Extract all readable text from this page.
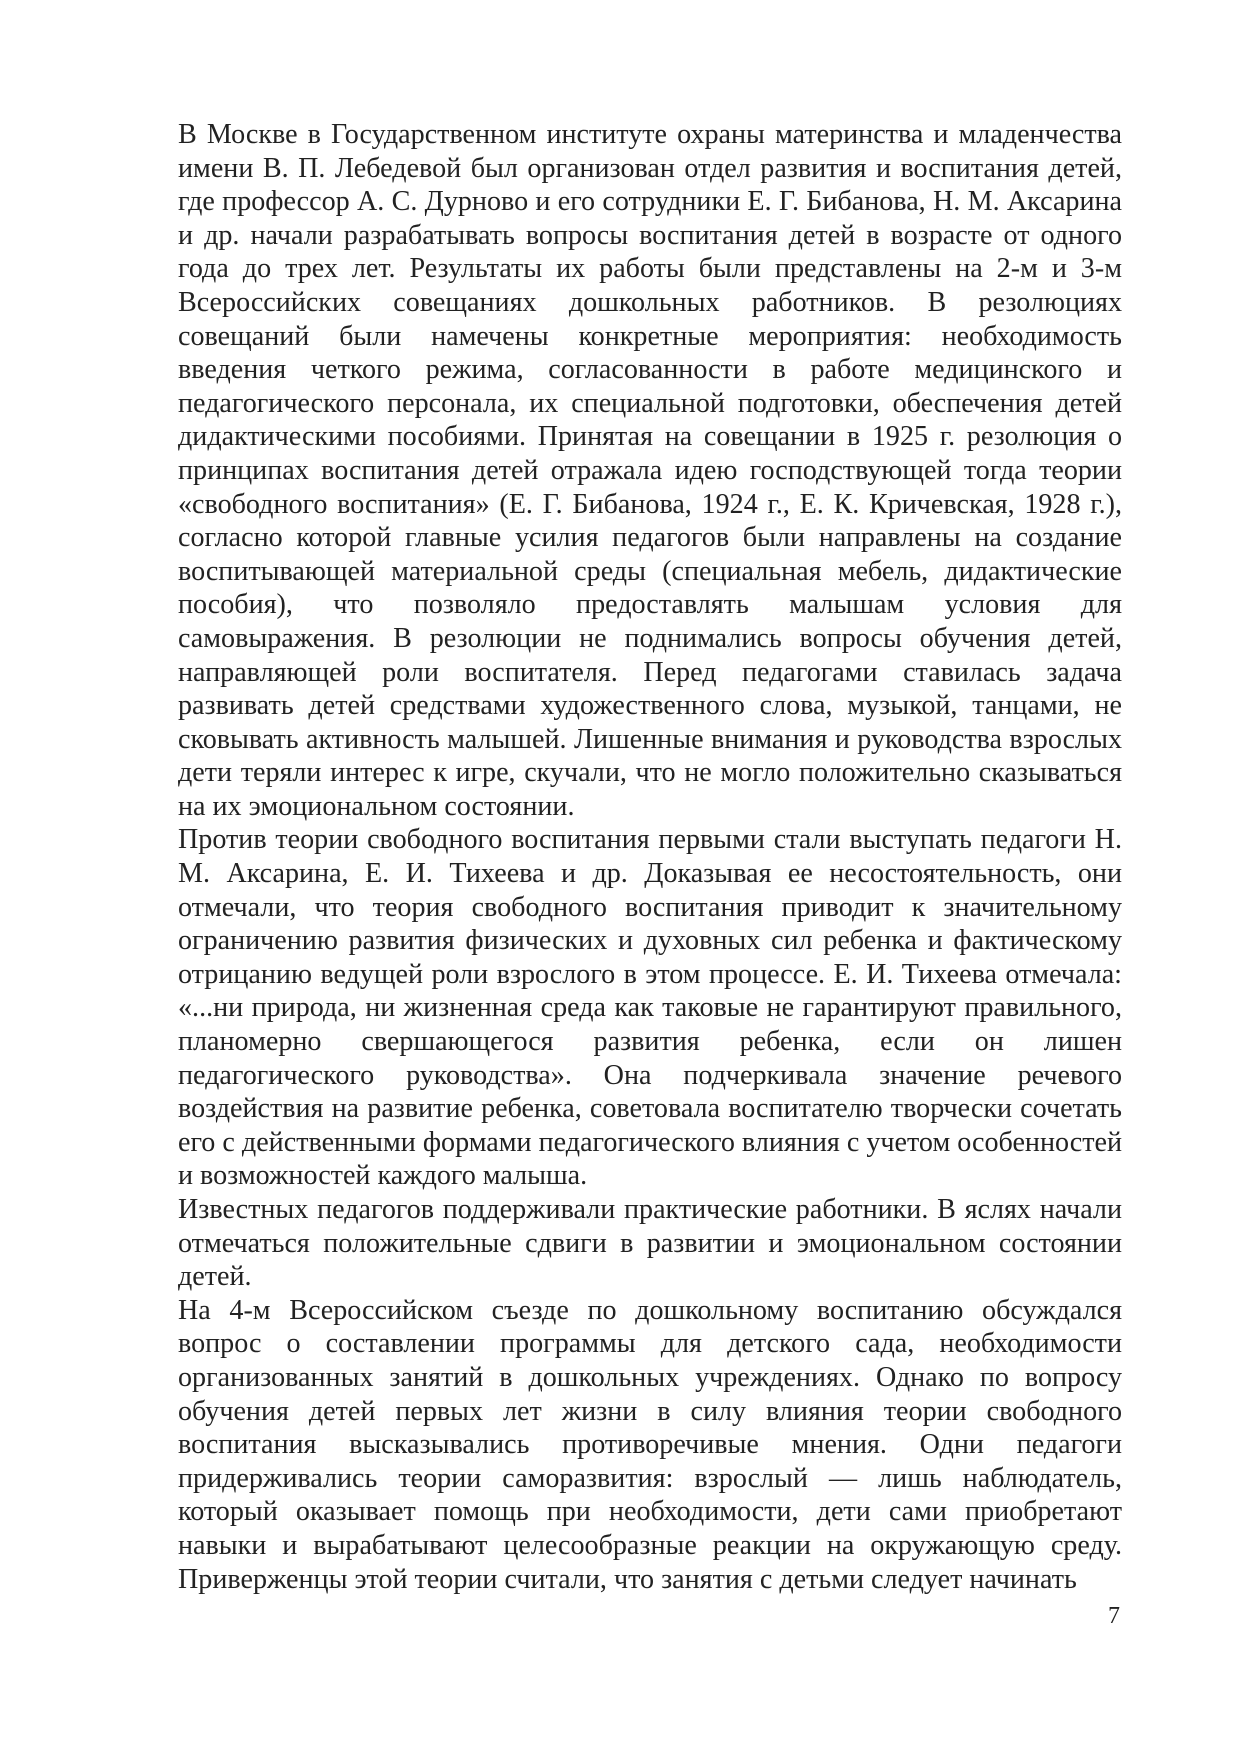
В Москве в Государственном институте охраны материнства и младенчества имени В. П. Лебедевой был организован отдел развития и воспитания детей, где профессор А. С. Дурново и его сотрудники Е. Г. Бибанова, Н. М. Аксарина и др. начали разрабатывать вопросы воспитания детей в возрасте от одного года до трех лет. Результаты их работы были представлены на 2-м и 3-м Всероссийских совещаниях дошкольных работников. В резолюциях совещаний были намечены конкретные мероприятия: необходимость введения четкого режима, согласованности в работе медицинского и педагогического персонала, их специальной подготовки, обеспечения детей дидактическими пособиями. Принятая на совещании в 1925 г. резолюция о принципах воспитания детей отражала идею господствующей тогда теории «свободного воспитания» (Е. Г. Бибанова, 1924 г., Е. К. Кричевская, 1928 г.), согласно которой главные усилия педагогов были направлены на создание воспитывающей материальной среды (специальная мебель, дидактические пособия), что позволяло предоставлять малышам условия для самовыражения. В резолюции не поднимались вопросы обучения детей, направляющей роли воспитателя. Перед педагогами ставилась задача развивать детей средствами художественного слова, музыкой, танцами, не сковывать активность малышей. Лишенные внимания и руководства взрослых дети теряли интерес к игре, скучали, что не могло положительно сказываться на их эмоциональном состоянии.

Против теории свободного воспитания первыми стали выступать педагоги Н. М. Аксарина, Е. И. Тихеева и др. Доказывая ее несостоятельность, они отмечали, что теория свободного воспитания приводит к значительному ограничению развития физических и духовных сил ребенка и фактическому отрицанию ведущей роли взрослого в этом процессе. Е. И. Тихеева отмечала: «...ни природа, ни жизненная среда как таковые не гарантируют правильного, планомерно свершающегося развития ребенка, если он лишен педагогического руководства». Она подчеркивала значение речевого воздействия на развитие ребенка, советовала воспитателю творчески сочетать его с действенными формами педагогического влияния с учетом особенностей и возможностей каждого малыша.

Известных педагогов поддерживали практические работники. В яслях начали отмечаться положительные сдвиги в развитии и эмоциональном состоянии детей.

На 4-м Всероссийском съезде по дошкольному воспитанию обсуждался вопрос о составлении программы для детского сада, необходимости организованных занятий в дошкольных учреждениях. Однако по вопросу обучения детей первых лет жизни в силу влияния теории свободного воспитания высказывались противоречивые мнения. Одни педагоги придерживались теории саморазвития: взрослый — лишь наблюдатель, который оказывает помощь при необходимости, дети сами приобретают навыки и вырабатывают целесообразные реакции на окружающую среду. Приверженцы этой теории считали, что занятия с детьми следует начинать

7
